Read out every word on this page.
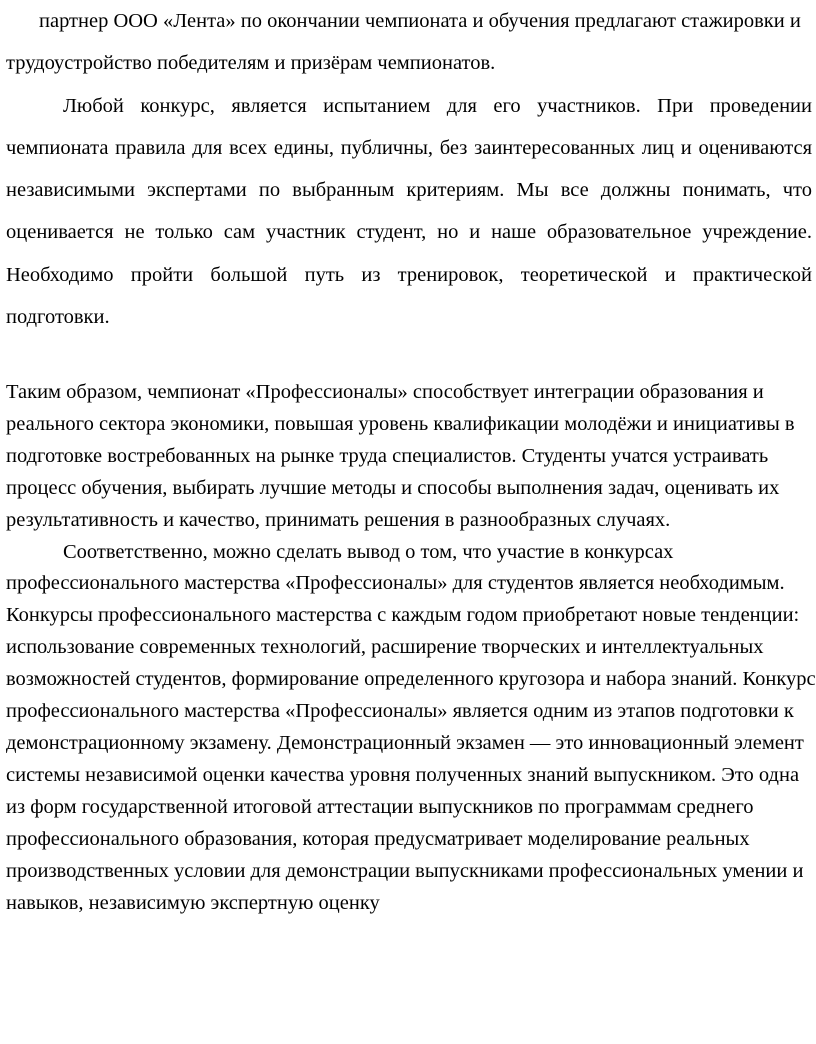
партнер ООО «Лента» по окончании чемпионата и обучения предлагают стажировки и трудоустройство победителям и призёрам чемпионатов.

Любой конкурс, является испытанием для его участников. При проведении чемпионата правила для всех едины, публичны, без заинтересованных лиц и оцениваются независимыми экспертами по выбранным критериям. Мы все должны понимать, что оценивается не только сам участник студент, но и наше образовательное учреждение. Необходимо пройти большой путь из тренировок, теоретической и практической подготовки.

Таким образом, чемпионат «Профессионалы» способствует интеграции образования и реального сектора экономики, повышая уровень квалификации молодёжи и инициативы в подготовке востребованных на рынке труда специалистов. Студенты учатся устраивать процесс обучения, выбирать лучшие методы и способы выполнения задач, оценивать их результативность и качество, принимать решения в разнообразных случаях.

Соответственно, можно сделать вывод о том, что участие в конкурсах профессионального мастерства «Профессионалы» для студентов является необходимым. Конкурсы профессионального мастерства с каждым годом приобретают новые тенденции: использование современных технологий, расширение творческих и интеллектуальных возможностей студентов, формирование определенного кругозора и набора знаний. Конкурс профессионального мастерства «Профессионалы» является одним из этапов подготовки к демонстрационному экзамену. Демонстрационный экзамен — это инновационный элемент системы независимой оценки качества уровня полученных знаний выпускником. Это одна из форм государственной итоговой аттестации выпускников по программам среднего профессионального образования, которая предусматривает моделирование реальных производственных условии для демонстрации выпускниками профессиональных умении и навыков, независимую экспертную оценку
